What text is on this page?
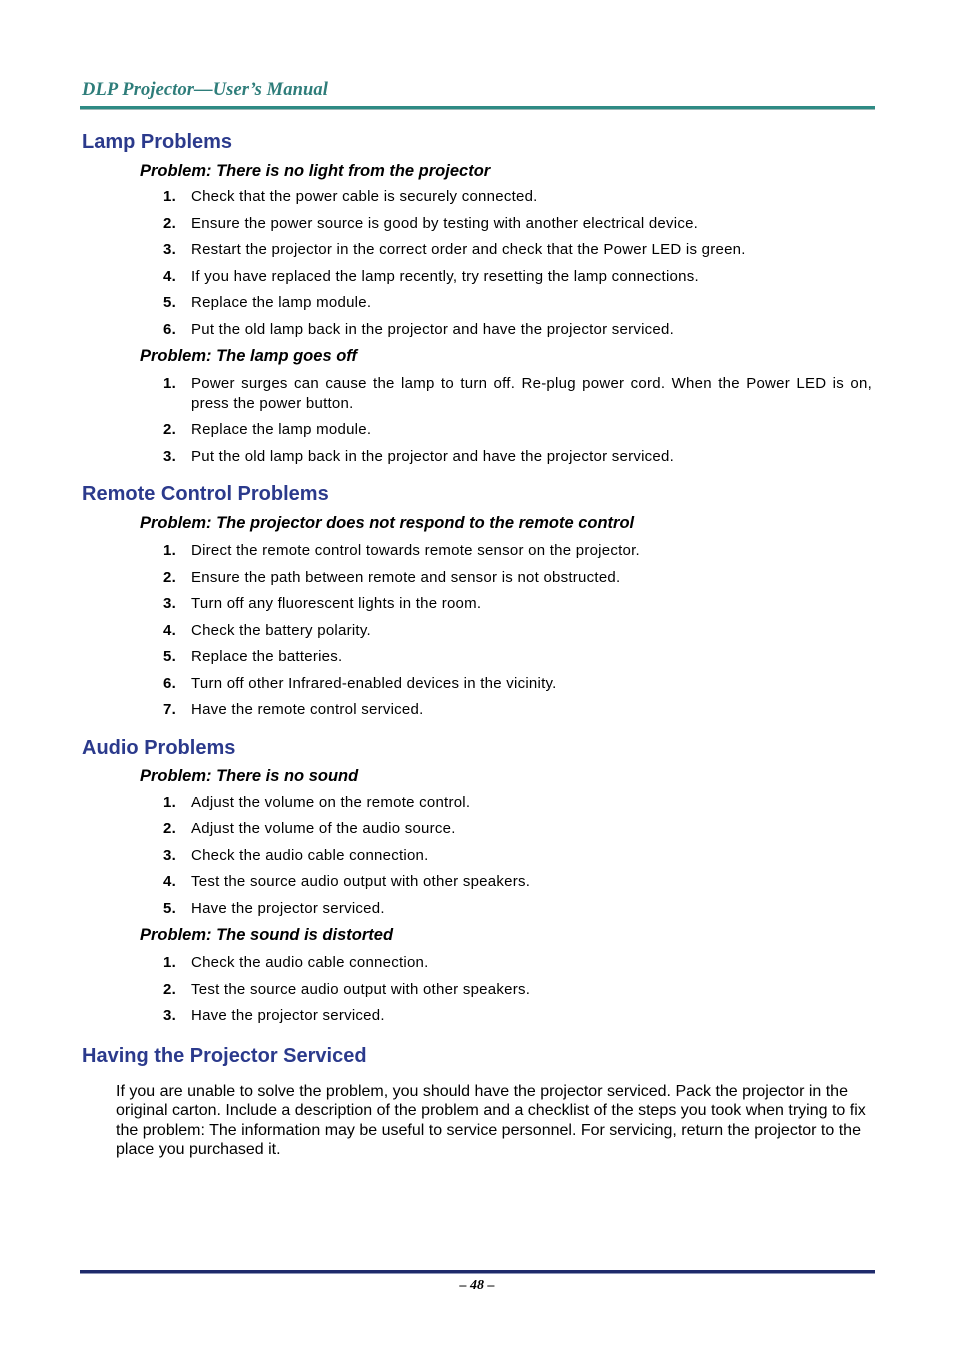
DLP Projector—User’s Manual
Lamp Problems
Problem: There is no light from the projector
1. Check that the power cable is securely connected.
2. Ensure the power source is good by testing with another electrical device.
3. Restart the projector in the correct order and check that the Power LED is green.
4. If you have replaced the lamp recently, try resetting the lamp connections.
5. Replace the lamp module.
6. Put the old lamp back in the projector and have the projector serviced.
Problem: The lamp goes off
1. Power surges can cause the lamp to turn off. Re-plug power cord. When the Power LED is on, press the power button.
2. Replace the lamp module.
3. Put the old lamp back in the projector and have the projector serviced.
Remote Control Problems
Problem: The projector does not respond to the remote control
1. Direct the remote control towards remote sensor on the projector.
2. Ensure the path between remote and sensor is not obstructed.
3. Turn off any fluorescent lights in the room.
4. Check the battery polarity.
5. Replace the batteries.
6. Turn off other Infrared-enabled devices in the vicinity.
7. Have the remote control serviced.
Audio Problems
Problem: There is no sound
1. Adjust the volume on the remote control.
2. Adjust the volume of the audio source.
3. Check the audio cable connection.
4. Test the source audio output with other speakers.
5. Have the projector serviced.
Problem: The sound is distorted
1. Check the audio cable connection.
2. Test the source audio output with other speakers.
3. Have the projector serviced.
Having the Projector Serviced

If you are unable to solve the problem, you should have the projector serviced. Pack the projector in the original carton. Include a description of the problem and a checklist of the steps you took when trying to fix the problem: The information may be useful to service personnel. For servicing, return the projector to the place you purchased it.

– 48 –
